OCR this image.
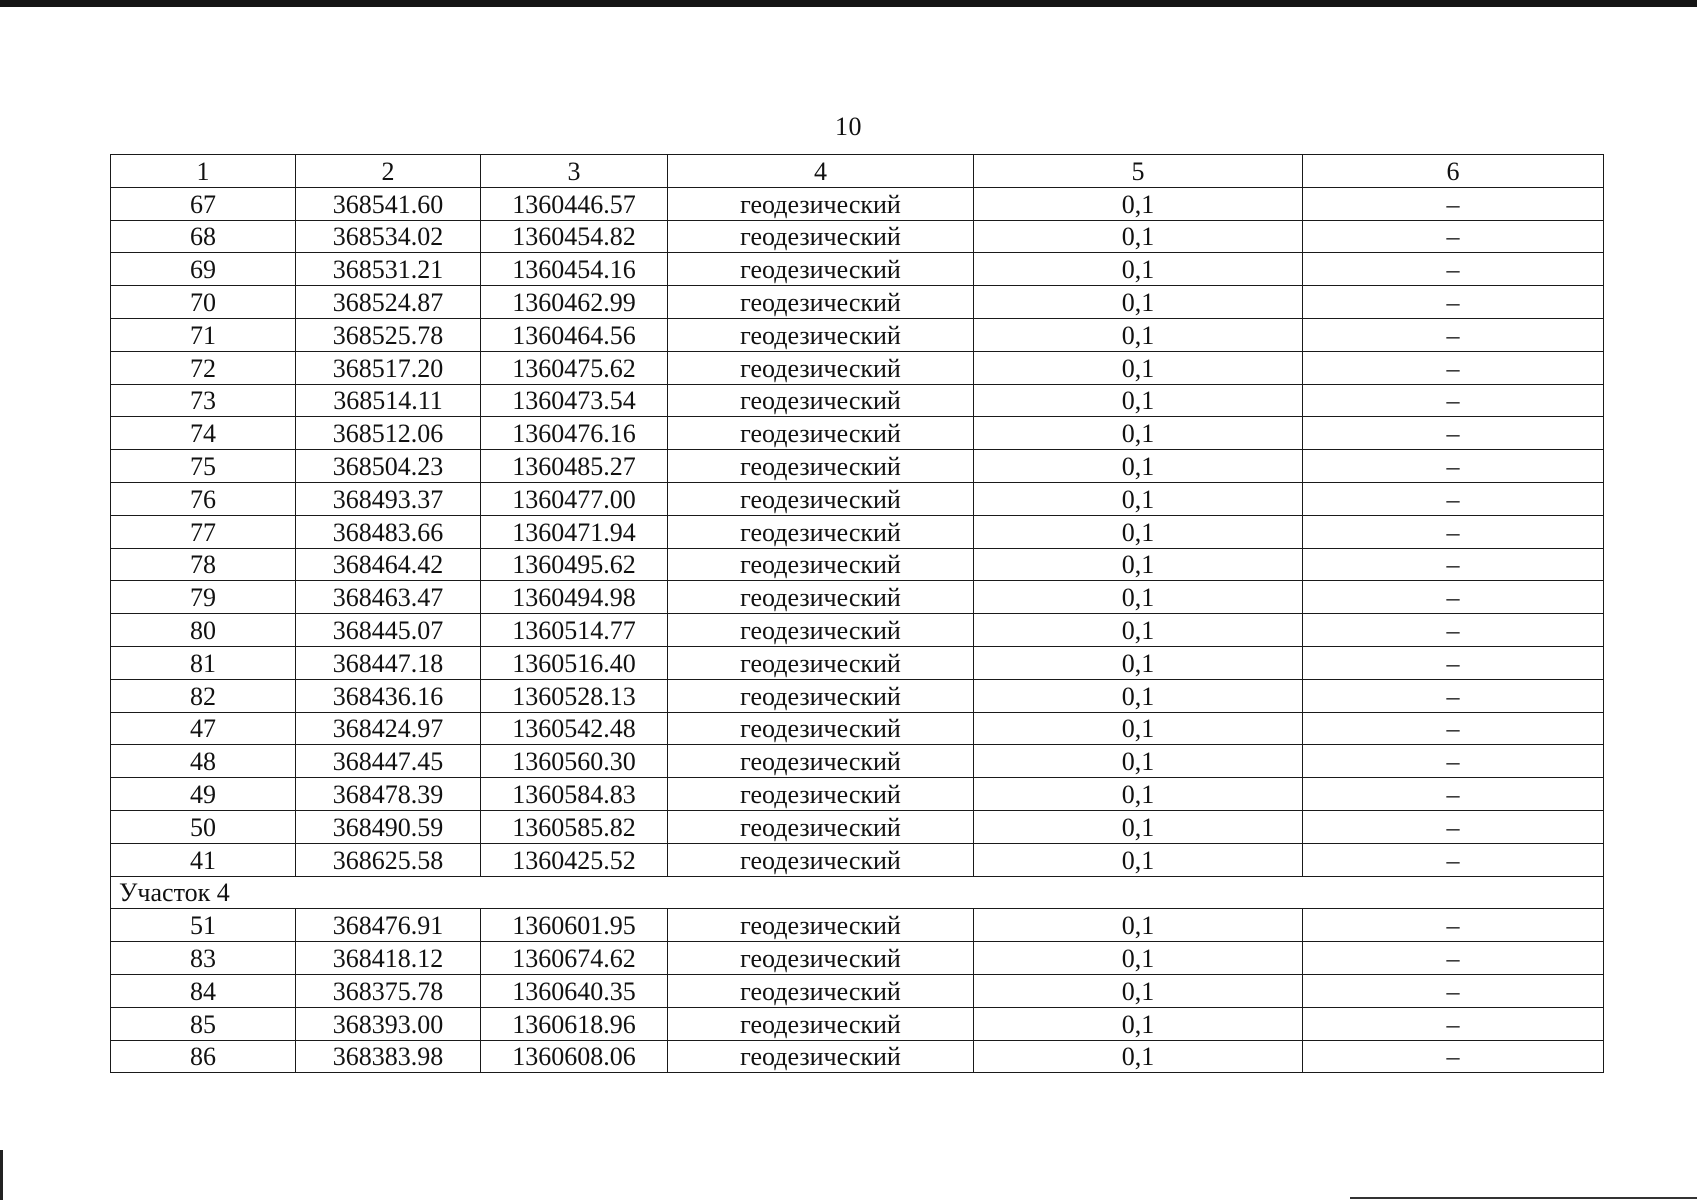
10
1	2	3	4	5	6
67	368541.60	1360446.57	геодезический	0,1	–
68	368534.02	1360454.82	геодезический	0,1	–
69	368531.21	1360454.16	геодезический	0,1	–
70	368524.87	1360462.99	геодезический	0,1	–
71	368525.78	1360464.56	геодезический	0,1	–
72	368517.20	1360475.62	геодезический	0,1	–
73	368514.11	1360473.54	геодезический	0,1	–
74	368512.06	1360476.16	геодезический	0,1	–
75	368504.23	1360485.27	геодезический	0,1	–
76	368493.37	1360477.00	геодезический	0,1	–
77	368483.66	1360471.94	геодезический	0,1	–
78	368464.42	1360495.62	геодезический	0,1	–
79	368463.47	1360494.98	геодезический	0,1	–
80	368445.07	1360514.77	геодезический	0,1	–
81	368447.18	1360516.40	геодезический	0,1	–
82	368436.16	1360528.13	геодезический	0,1	–
47	368424.97	1360542.48	геодезический	0,1	–
48	368447.45	1360560.30	геодезический	0,1	–
49	368478.39	1360584.83	геодезический	0,1	–
50	368490.59	1360585.82	геодезический	0,1	–
41	368625.58	1360425.52	геодезический	0,1	–
Участок 4					
51	368476.91	1360601.95	геодезический	0,1	–
83	368418.12	1360674.62	геодезический	0,1	–
84	368375.78	1360640.35	геодезический	0,1	–
85	368393.00	1360618.96	геодезический	0,1	–
86	368383.98	1360608.06	геодезический	0,1	–
